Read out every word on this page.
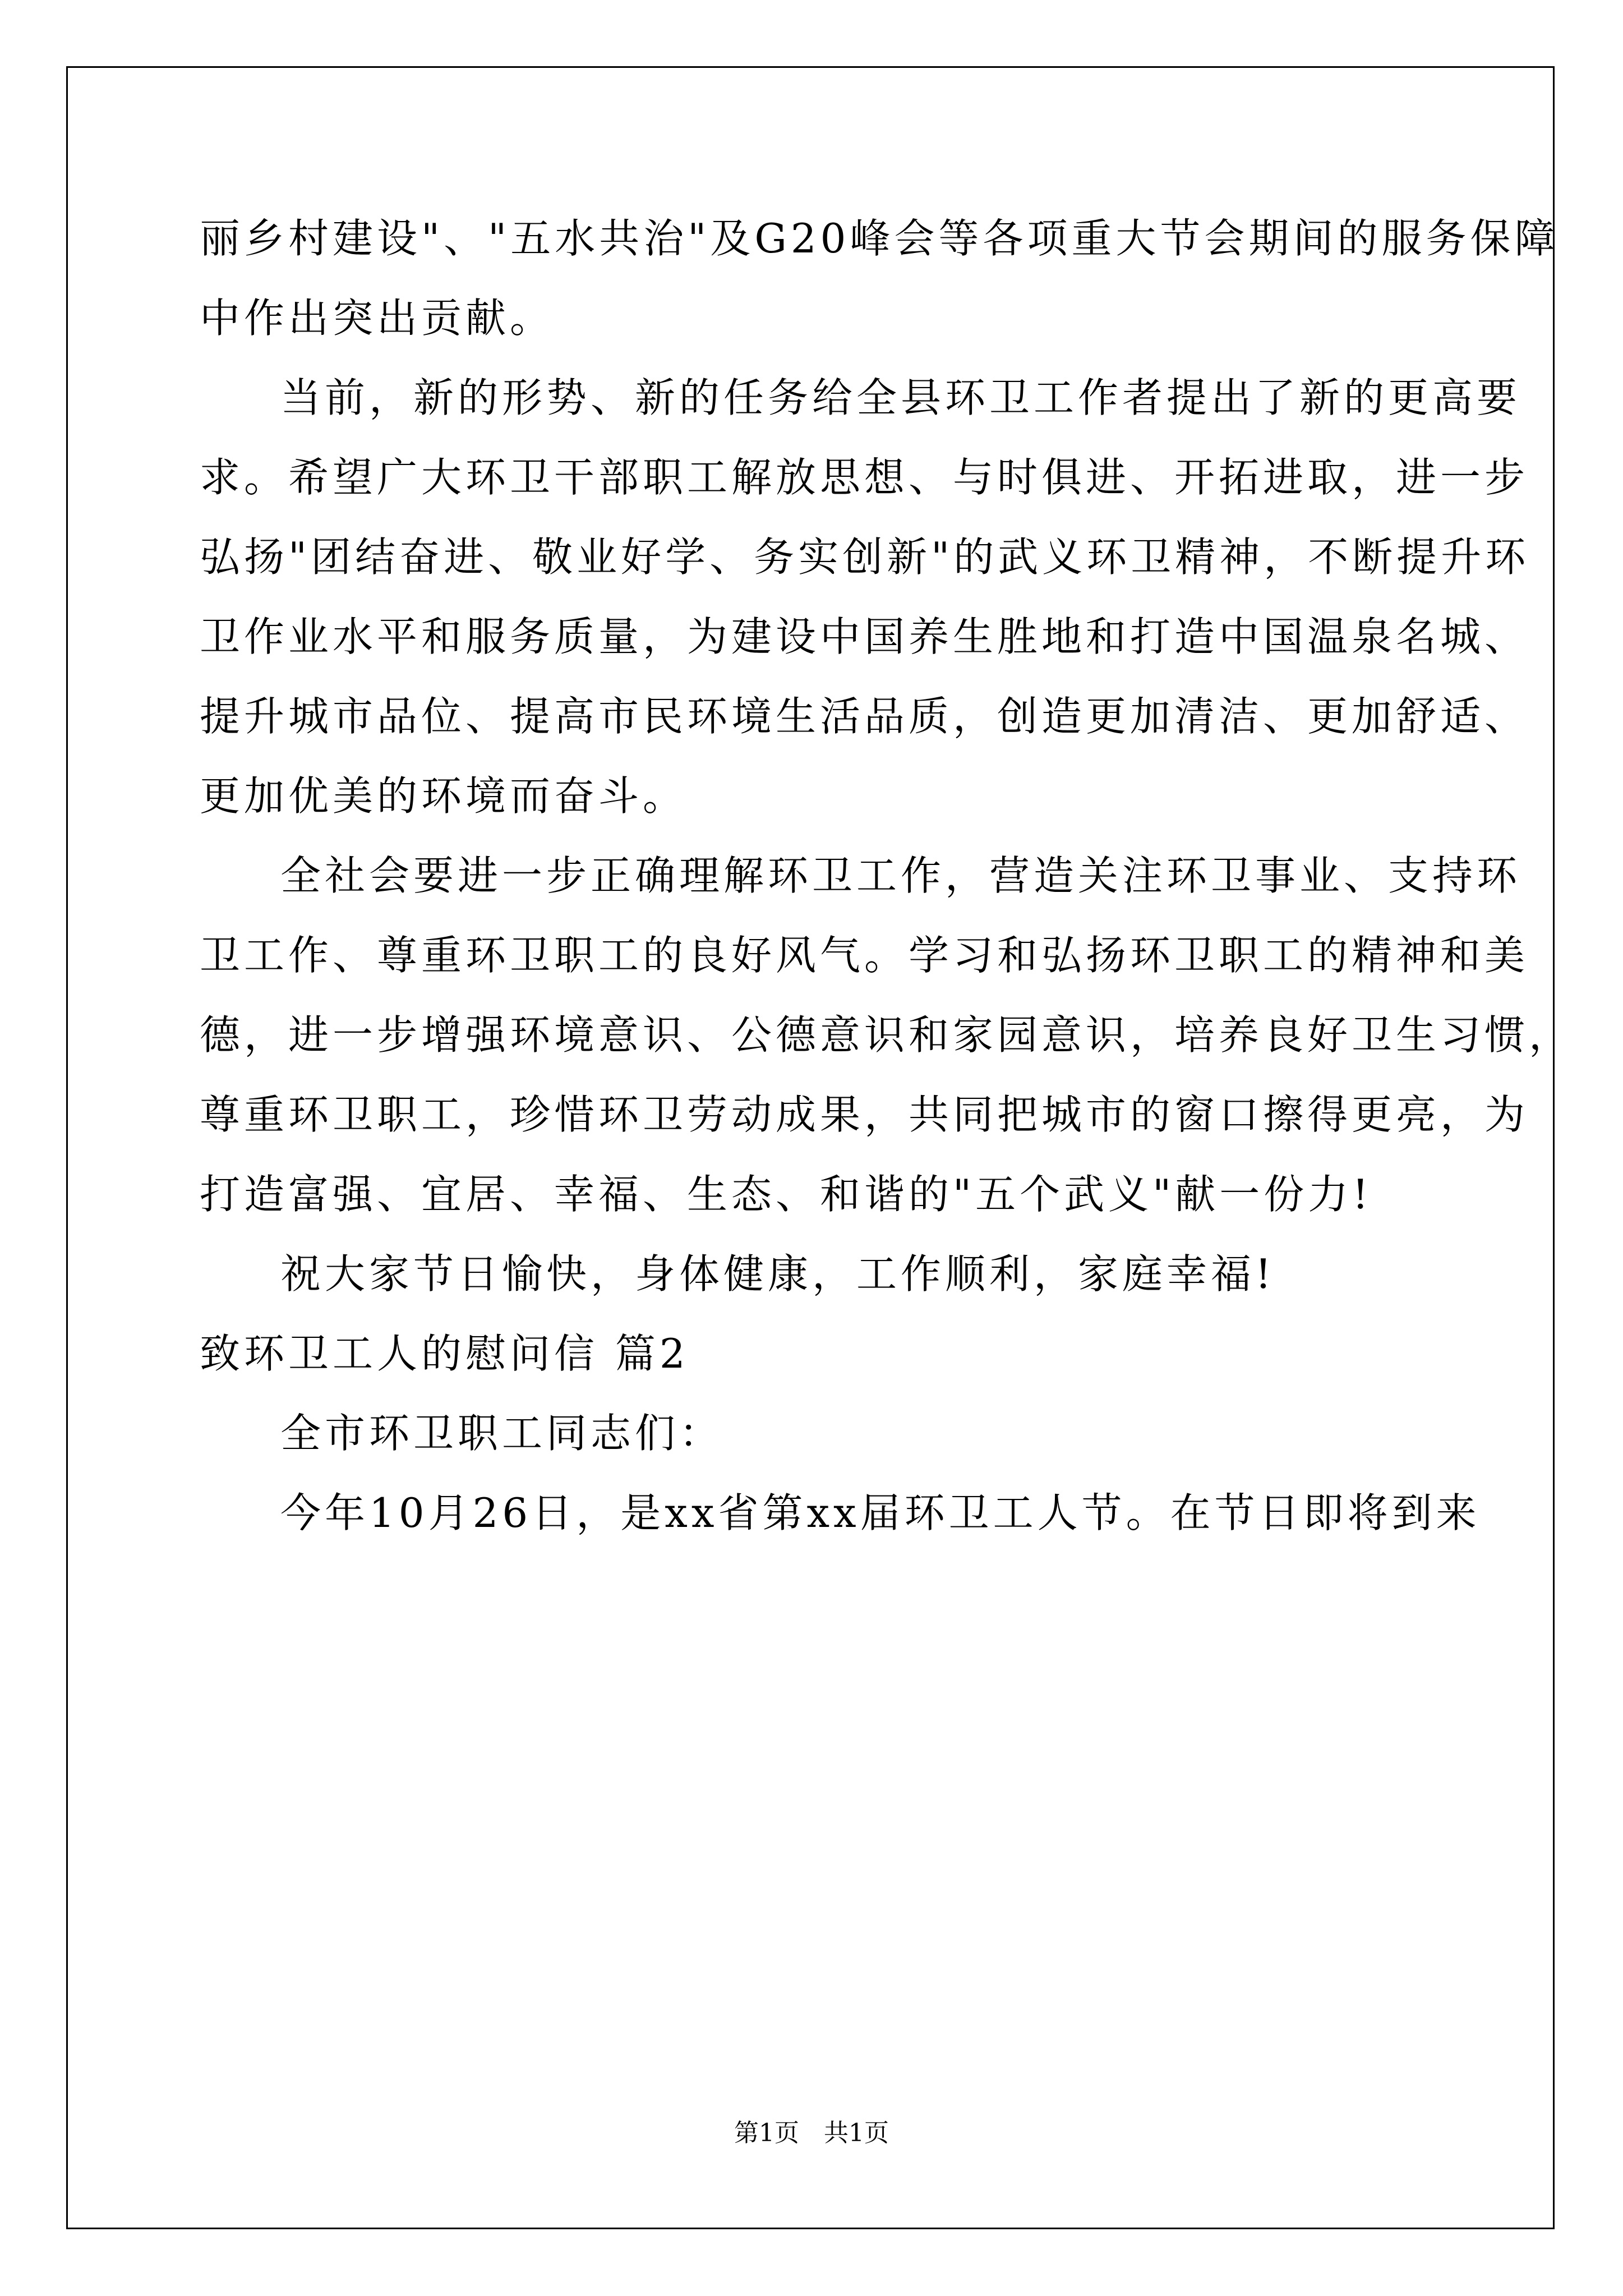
丽乡村建设"、"五水共治"及G20峰会等各项重大节会期间的服务保障
中作出突出贡献。
当前，新的形势、新的任务给全县环卫工作者提出了新的更高要
求。希望广大环卫干部职工解放思想、与时俱进、开拓进取，进一步
弘扬"团结奋进、敬业好学、务实创新"的武义环卫精神，不断提升环
卫作业水平和服务质量，为建设中国养生胜地和打造中国温泉名城、
提升城市品位、提高市民环境生活品质，创造更加清洁、更加舒适、
更加优美的环境而奋斗。
全社会要进一步正确理解环卫工作，营造关注环卫事业、支持环
卫工作、尊重环卫职工的良好风气。学习和弘扬环卫职工的精神和美
德，进一步增强环境意识、公德意识和家园意识，培养良好卫生习惯，
尊重环卫职工，珍惜环卫劳动成果，共同把城市的窗口擦得更亮，为
打造富强、宜居、幸福、生态、和谐的"五个武义"献一份力!
祝大家节日愉快，身体健康，工作顺利，家庭幸福!
致环卫工人的慰问信 篇2
全市环卫职工同志们：
今年10月26日，是xx省第xx届环卫工人节。在节日即将到来
第1页　共1页
